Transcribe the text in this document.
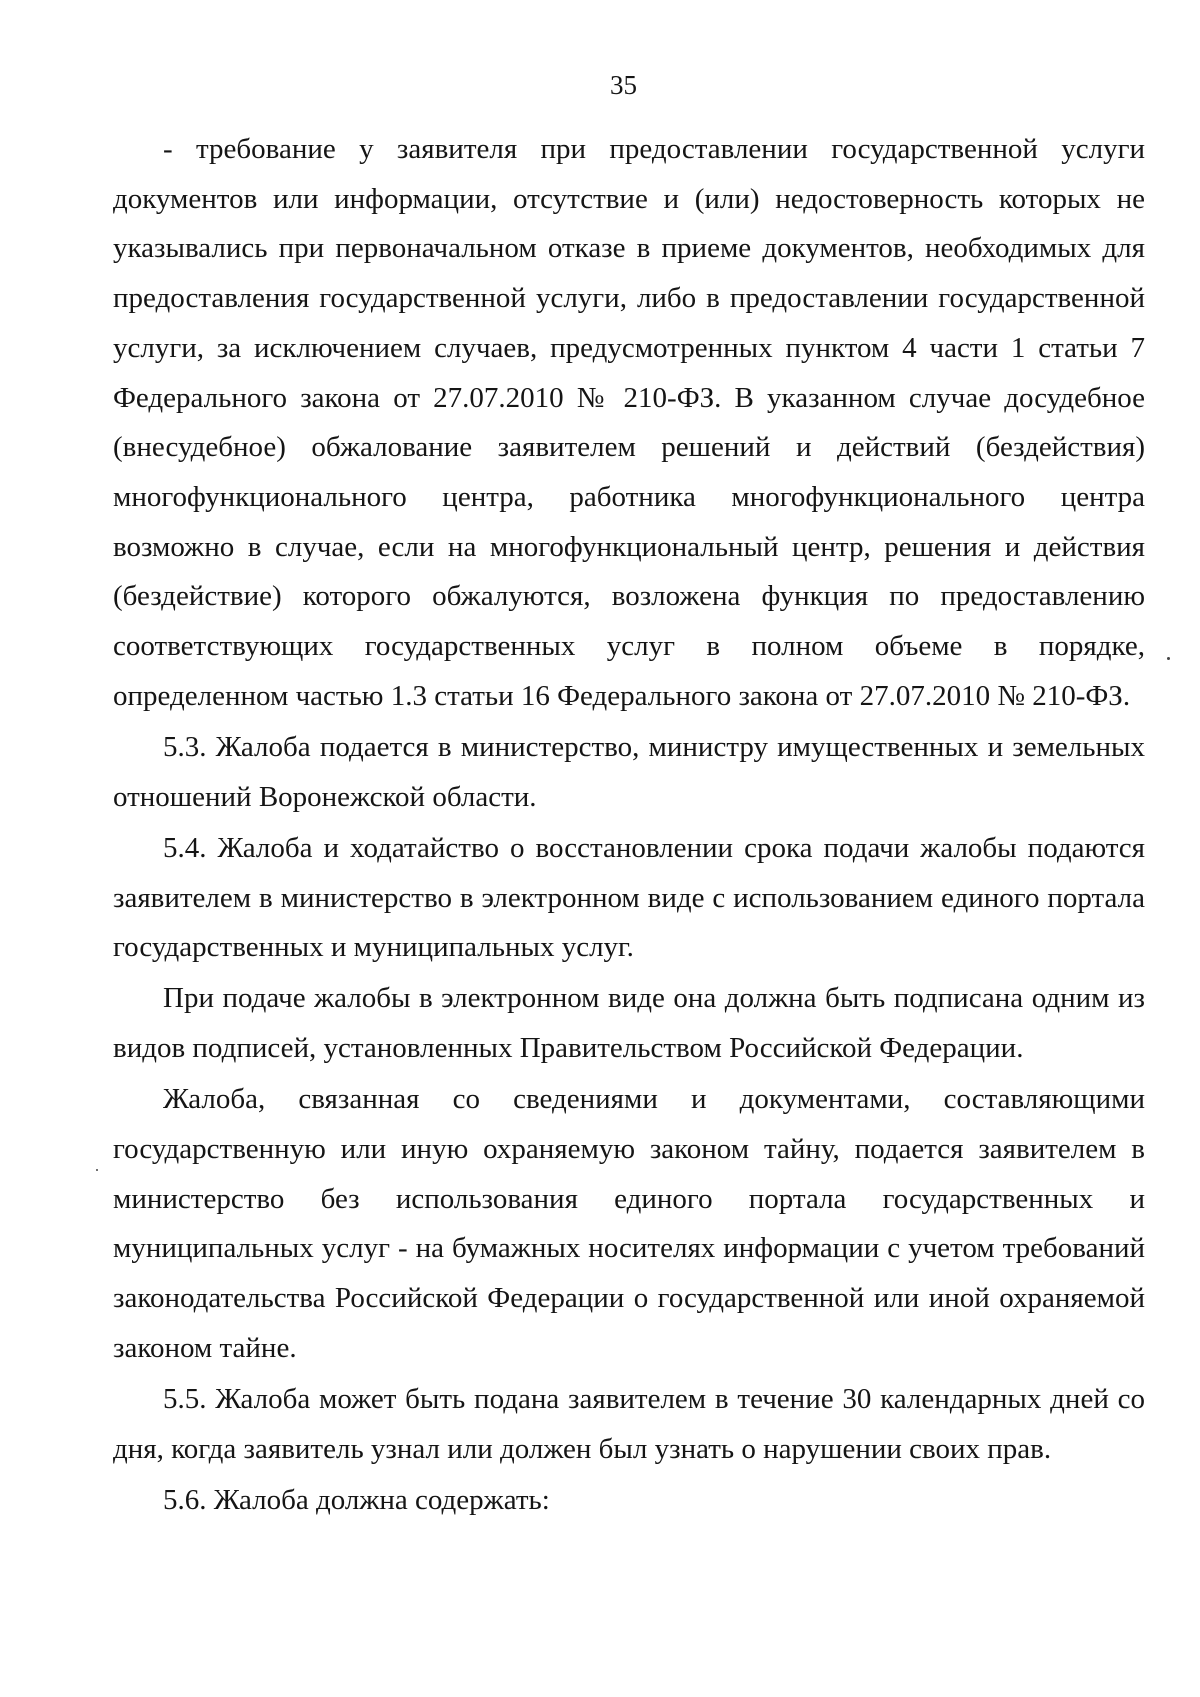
35

- требование у заявителя при предоставлении государственной услуги документов или информации, отсутствие и (или) недостоверность которых не указывались при первоначальном отказе в приеме документов, необходимых для предоставления государственной услуги, либо в предоставлении государственной услуги, за исключением случаев, предусмотренных пунктом 4 части 1 статьи 7 Федерального закона от 27.07.2010 № 210-ФЗ. В указанном случае досудебное (внесудебное) обжалование заявителем решений и действий (бездействия) многофункционального центра, работника многофункционального центра возможно в случае, если на многофункциональный центр, решения и действия (бездействие) которого обжалуются, возложена функция по предоставлению соответствующих государственных услуг в полном объеме в порядке, определенном частью 1.3 статьи 16 Федерального закона от 27.07.2010 № 210-ФЗ.

5.3. Жалоба подается в министерство, министру имущественных и земельных отношений Воронежской области.

5.4. Жалоба и ходатайство о восстановлении срока подачи жалобы подаются заявителем в министерство в электронном виде с использованием единого портала государственных и муниципальных услуг.

При подаче жалобы в электронном виде она должна быть подписана одним из видов подписей, установленных Правительством Российской Федерации.

Жалоба, связанная со сведениями и документами, составляющими государственную или иную охраняемую законом тайну, подается заявителем в министерство без использования единого портала государственных и муниципальных услуг - на бумажных носителях информации с учетом требований законодательства Российской Федерации о государственной или иной охраняемой законом тайне.

5.5. Жалоба может быть подана заявителем в течение 30 календарных дней со дня, когда заявитель узнал или должен был узнать о нарушении своих прав.

5.6. Жалоба должна содержать:
